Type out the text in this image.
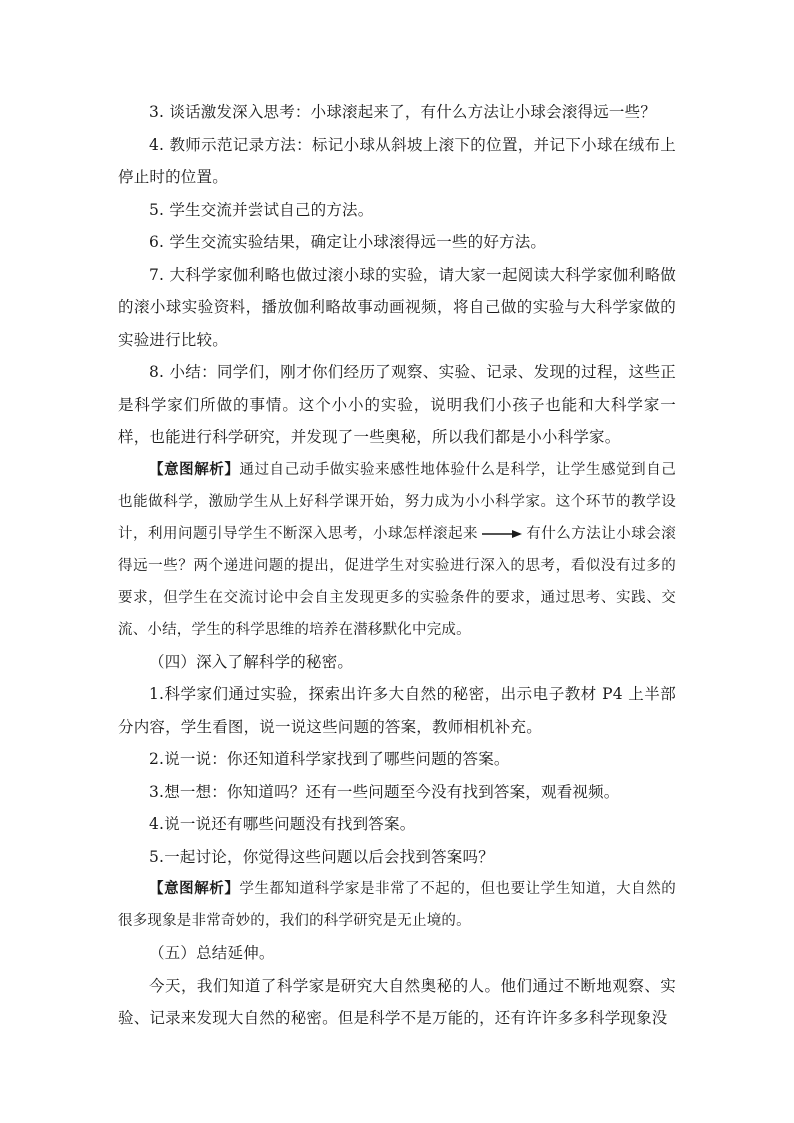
3. 谈话激发深入思考：小球滚起来了，有什么方法让小球会滚得远一些？

4. 教师示范记录方法：标记小球从斜坡上滚下的位置，并记下小球在绒布上停止时的位置。

5. 学生交流并尝试自己的方法。

6. 学生交流实验结果，确定让小球滚得远一些的好方法。

7. 大科学家伽利略也做过滚小球的实验，请大家一起阅读大科学家伽利略做的滚小球实验资料，播放伽利略故事动画视频，将自己做的实验与大科学家做的实验进行比较。

8. 小结：同学们，刚才你们经历了观察、实验、记录、发现的过程，这些正是科学家们所做的事情。这个小小的实验，说明我们小孩子也能和大科学家一样，也能进行科学研究，并发现了一些奥秘，所以我们都是小小科学家。

【意图解析】通过自己动手做实验来感性地体验什么是科学，让学生感觉到自己也能做科学，激励学生从上好科学课开始，努力成为小小科学家。这个环节的教学设计，利用问题引导学生不断深入思考，小球怎样滚起来	有什么方法让小球会滚得远一些？两个递进问题的提出，促进学生对实验进行深入的思考，看似没有过多的要求，但学生在交流讨论中会自主发现更多的实验条件的要求，通过思考、实践、交流、小结，学生的科学思维的培养在潜移默化中完成。

（四）深入了解科学的秘密。

1.科学家们通过实验，探索出许多大自然的秘密，出示电子教材 P4 上半部分内容，学生看图，说一说这些问题的答案，教师相机补充。

2.说一说：你还知道科学家找到了哪些问题的答案。

3.想一想：你知道吗？还有一些问题至今没有找到答案，观看视频。

4.说一说还有哪些问题没有找到答案。

5.一起讨论，你觉得这些问题以后会找到答案吗？

【意图解析】学生都知道科学家是非常了不起的，但也要让学生知道，大自然的很多现象是非常奇妙的，我们的科学研究是无止境的。

（五）总结延伸。

今天，我们知道了科学家是研究大自然奥秘的人。他们通过不断地观察、实验、记录来发现大自然的秘密。但是科学不是万能的，还有许许多多科学现象没
